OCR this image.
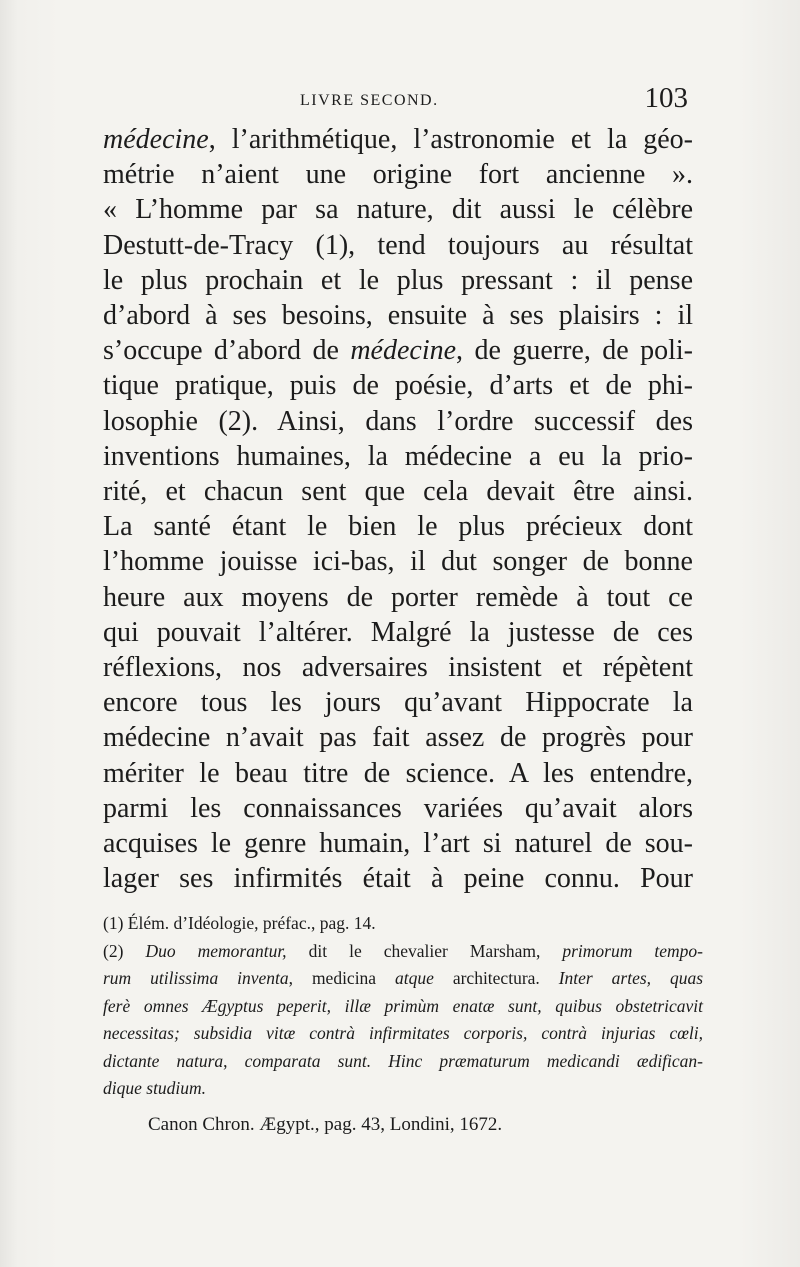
LIVRE SECOND.	103
médecine, l’arithmétique, l’astronomie et la géo-
métrie n’aient une origine fort ancienne ».
« L’homme par sa nature, dit aussi le célèbre
Destutt-de-Tracy (1), tend toujours au résultat
le plus prochain et le plus pressant : il pense
d’abord à ses besoins, ensuite à ses plaisirs : il
s’occupe d’abord de médecine, de guerre, de poli-
tique pratique, puis de poésie, d’arts et de phi-
losophie (2). Ainsi, dans l’ordre successif des
inventions humaines, la médecine a eu la prio-
rité, et chacun sent que cela devait être ainsi.
La santé étant le bien le plus précieux dont
l’homme jouisse ici-bas, il dut songer de bonne
heure aux moyens de porter remède à tout ce
qui pouvait l’altérer. Malgré la justesse de ces
réflexions, nos adversaires insistent et répètent
encore tous les jours qu’avant Hippocrate la
médecine n’avait pas fait assez de progrès pour
mériter le beau titre de science. A les entendre,
parmi les connaissances variées qu’avait alors
acquises le genre humain, l’art si naturel de sou-
lager ses infirmités était à peine connu. Pour
(1) Élém. d’Idéologie, préfac., pag. 14.
(2) Duo memorantur, dit le chevalier Marsham, primorum tempo-
rum utilissima inventa, medicina atque architectura. Inter artes, quas
ferè omnes Ægyptus peperit, illæ primùm enatæ sunt, quibus obstetricavit
necessitas; subsidia vitæ contrà infirmitates corporis, contrà injurias cœli,
dictante natura, comparata sunt. Hinc præmaturum medicandi ædifican-
dique studium.
Canon Chron. Ægypt., pag. 43, Londini, 1672.
